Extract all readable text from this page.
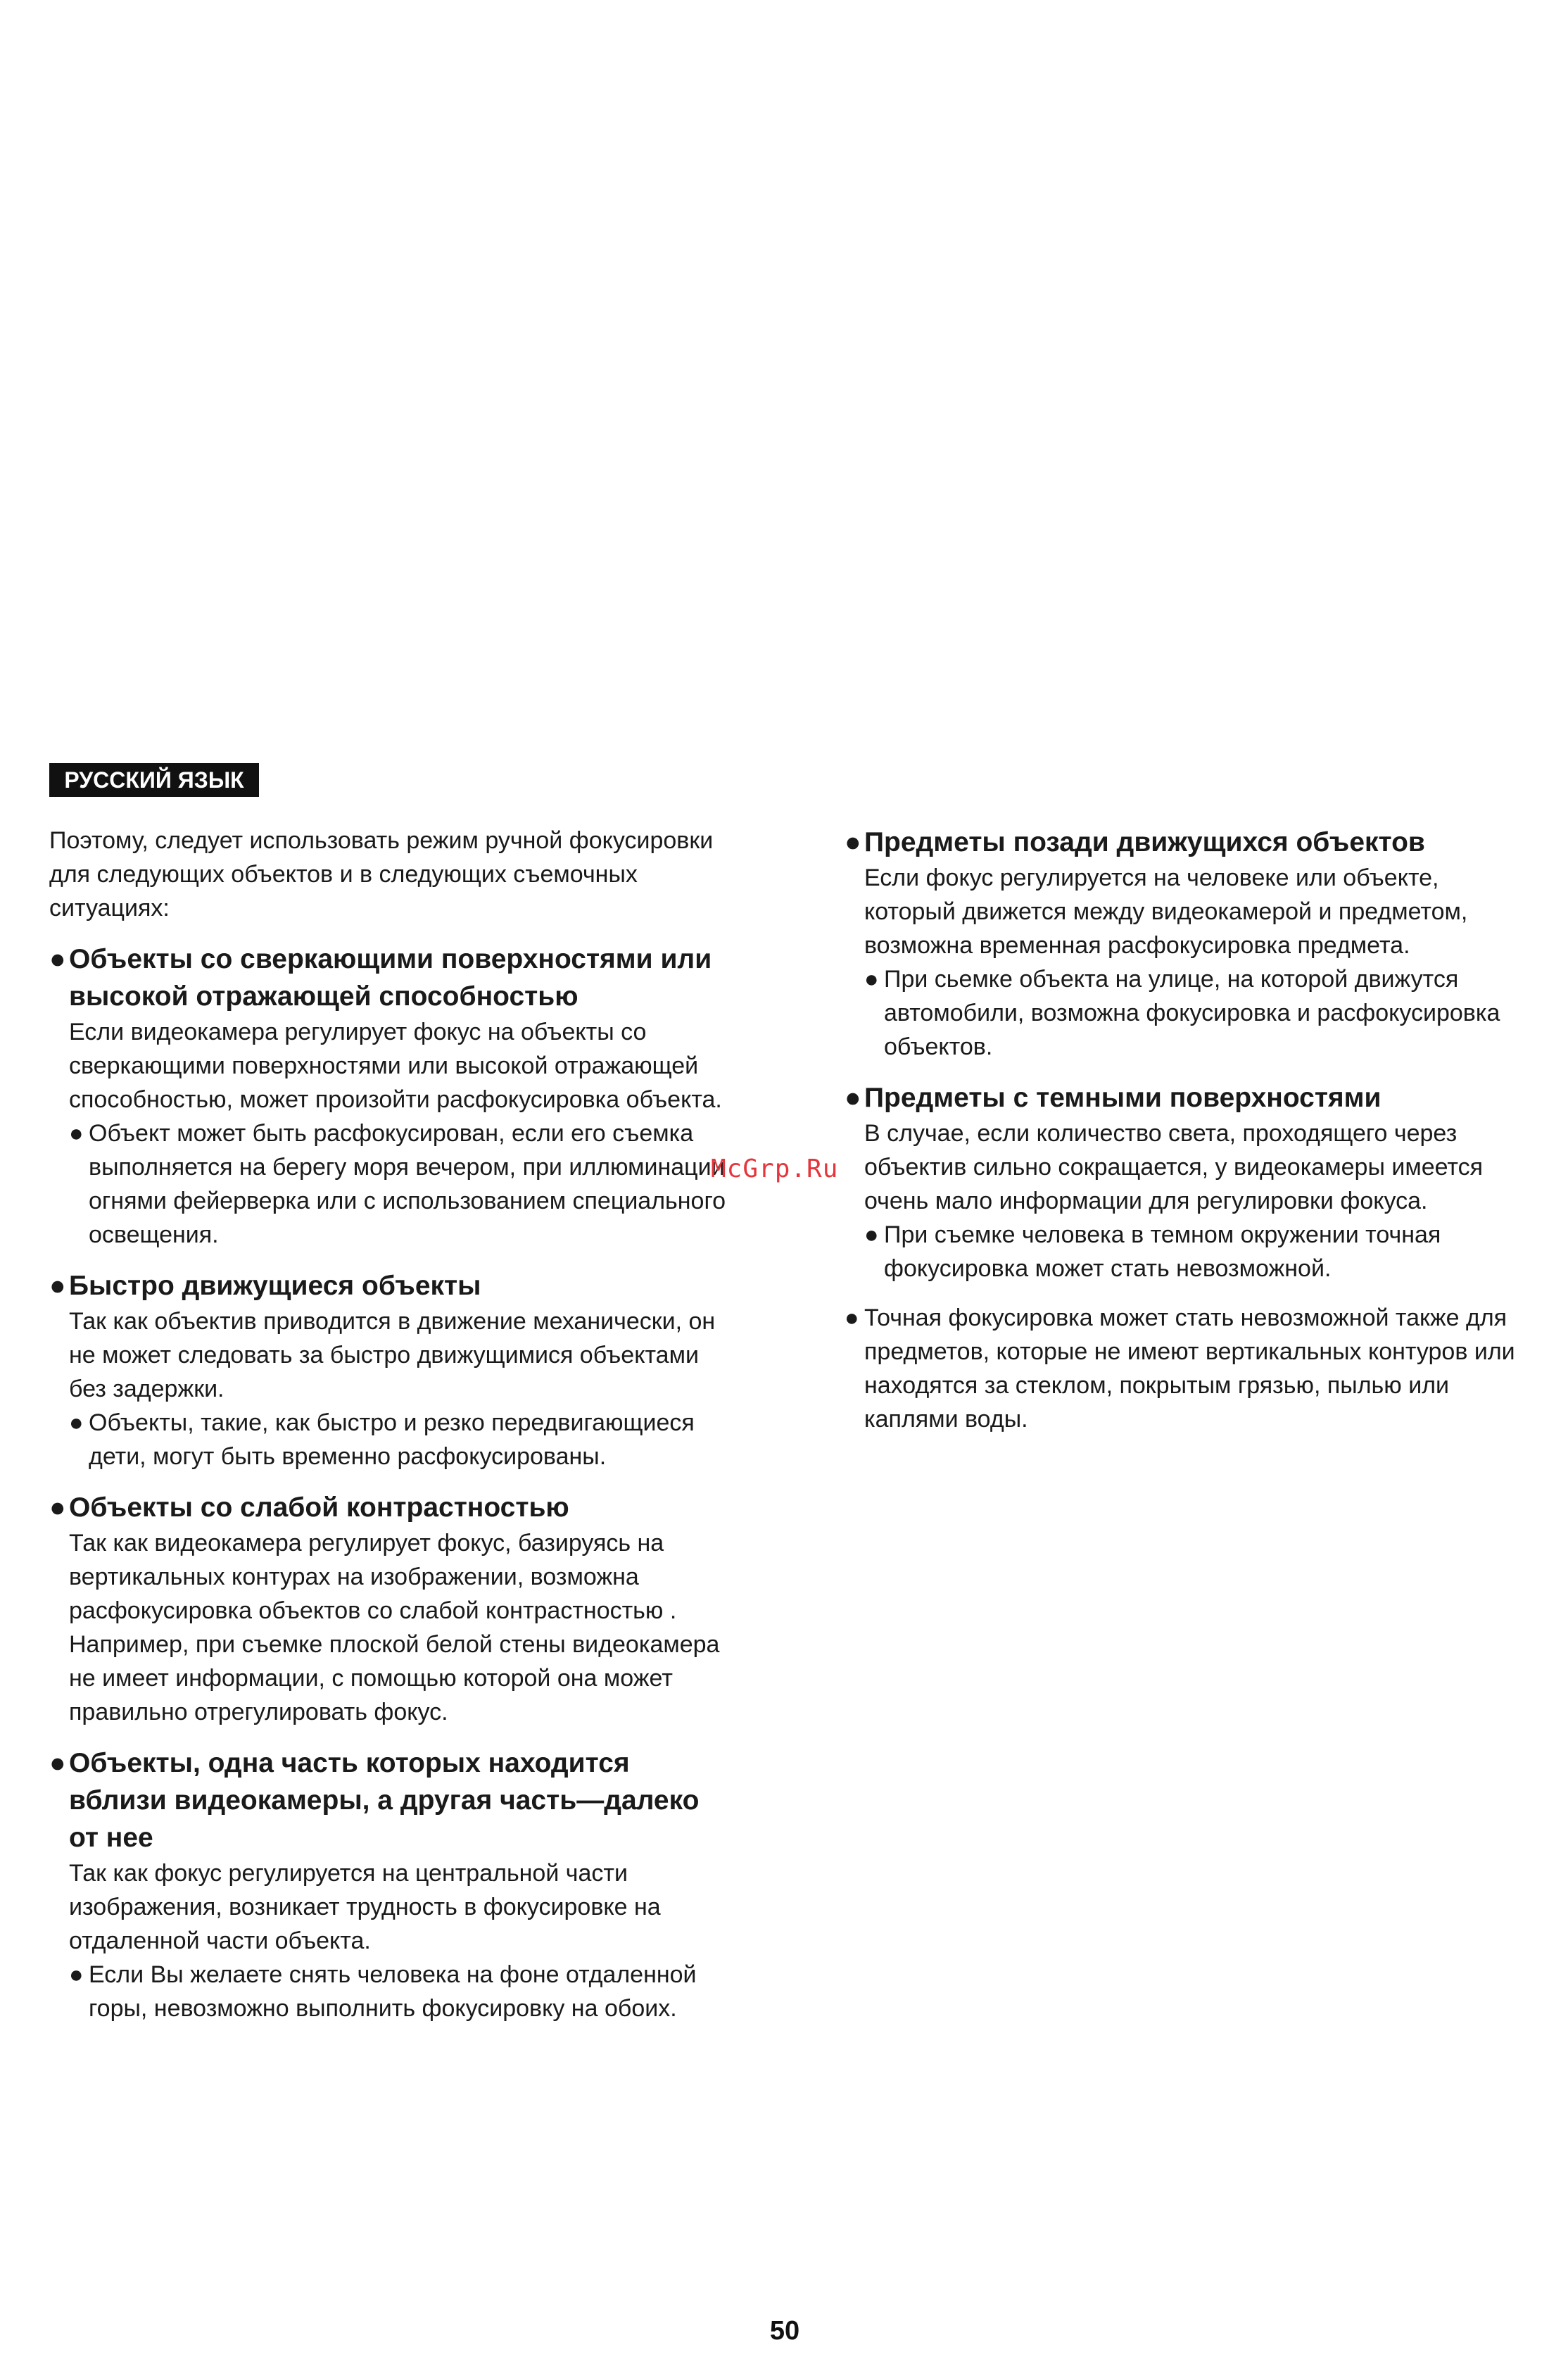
РУССКИЙ ЯЗЫК

Поэтому, следует использовать режим ручной фокусировки для следующих объектов и в следующих съемочных ситуациях:

● Объекты со сверкающими поверхностями или высокой отражающей способностью

Если видеокамера регулирует фокус на объекты со сверкающими поверхностями или высокой отражающей способностью, может произойти расфокусировка объекта.

● Объект может быть расфокусирован, если его съемка выполняется на берегу моря вечером, при иллюминации огнями фейерверка или с использованием специального освещения.

● Быстро движущиеся объекты

Так как объектив приводится в движение механически, он не может следовать за быстро движущимися объектами без задержки.

● Объекты, такие, как быстро и резко передвигающиеся дети, могут быть временно расфокусированы.

● Объекты со слабой контрастностью

Так как видеокамера регулирует фокус, базируясь на вертикальных контурах на изображении, возможна расфокусировка объектов со слабой контрастностью .

Например, при съемке плоской белой стены видеокамера не имеет информации, с помощью которой она может правильно отрегулировать фокус.

● Объекты, одна часть которых находится вблизи видеокамеры, а другая часть—далеко от нее

Так как фокус регулируется на центральной части изображения, возникает трудность в фокусировке на отдаленной части объекта.

● Если Вы желаете снять человека на фоне отдаленной горы, невозможно выполнить фокусировку на обоих.

● Предметы позади движущихся объектов

Если фокус регулируется на человеке или объекте, который движется между видеокамерой и предметом, возможна временная расфокусировка предмета.

● При сьемке объекта на улице, на которой движутся автомобили, возможна фокусировка и расфокусировка объектов.

● Предметы с темными поверхностями

В случае, если количество света, проходящего через объектив сильно сокращается, у видеокамеры имеется очень мало информации для регулировки фокуса.

● При съемке человека в темном окружении точная фокусировка может стать невозможной.

● Точная фокусировка может стать невозможной также для предметов, которые не имеют вертикальных контуров или находятся за стеклом, покрытым грязью, пылью или каплями воды.

McGrp.Ru
50
